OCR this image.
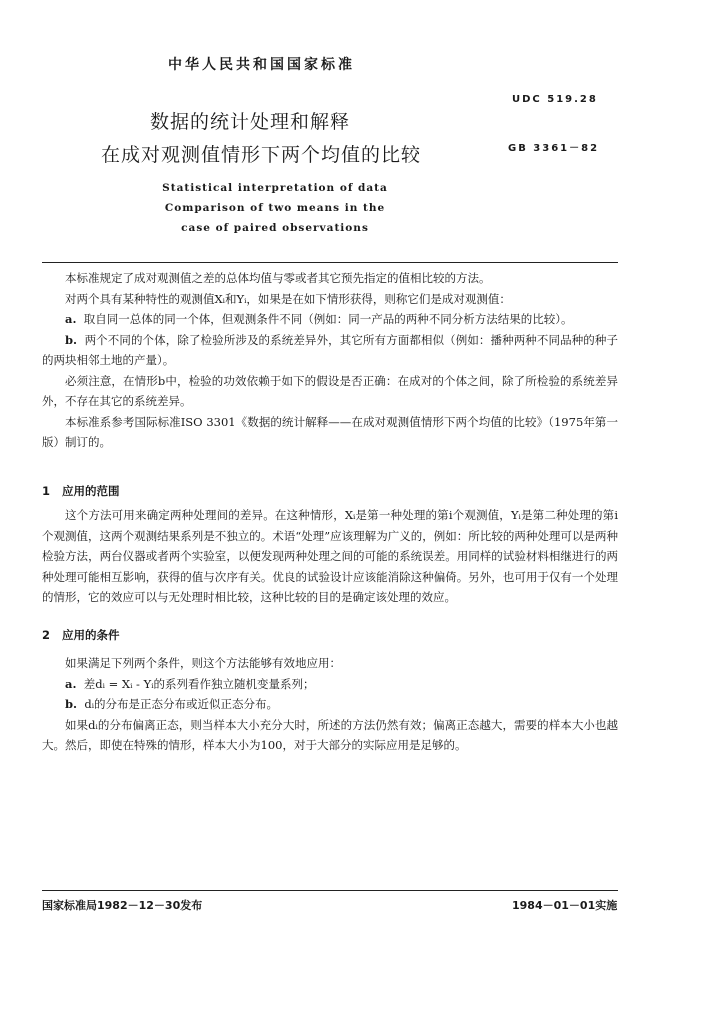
中华人民共和国国家标准
UDC 519.28
GB 3361－82
数据的统计处理和解释
在成对观测值情形下两个均值的比较
Statistical interpretation of data
Comparison of two means in the
case of paired observations

本标准规定了成对观测值之差的总体均值与零或者其它预先指定的值相比较的方法。

对两个具有某种特性的观测值Xᵢ和Yᵢ，如果是在如下情形获得，则称它们是成对观测值：

a. 取自同一总体的同一个体，但观测条件不同（例如：同一产品的两种不同分析方法结果的比较）。

b. 两个不同的个体，除了检验所涉及的系统差异外，其它所有方面都相似（例如：播种两种不同品种的种子的两块相邻土地的产量）。

必须注意，在情形b中，检验的功效依赖于如下的假设是否正确：在成对的个体之间，除了所检验的系统差异外，不存在其它的系统差异。

本标准系参考国际标准ISO 3301《数据的统计解释——在成对观测值情形下两个均值的比较》（1975年第一版）制订的。

1 应用的范围

这个方法可用来确定两种处理间的差异。在这种情形，Xᵢ是第一种处理的第i个观测值，Yᵢ是第二种处理的第i个观测值，这两个观测结果系列是不独立的。术语“处理”应该理解为广义的，例如：所比较的两种处理可以是两种检验方法，两台仪器或者两个实验室，以便发现两种处理之间的可能的系统误差。用同样的试验材料相继进行的两种处理可能相互影响，获得的值与次序有关。优良的试验设计应该能消除这种偏倚。另外，也可用于仅有一个处理的情形，它的效应可以与无处理时相比较，这种比较的目的是确定该处理的效应。

2 应用的条件

如果满足下列两个条件，则这个方法能够有效地应用：

a. 差dᵢ = Xᵢ - Yᵢ的系列看作独立随机变量系列；

b. dᵢ的分布是正态分布或近似正态分布。

如果dᵢ的分布偏离正态，则当样本大小充分大时，所述的方法仍然有效；偏离正态越大，需要的样本大小也越大。然后，即使在特殊的情形，样本大小为100，对于大部分的实际应用是足够的。

国家标准局1982－12－30发布	1984－01－01实施
